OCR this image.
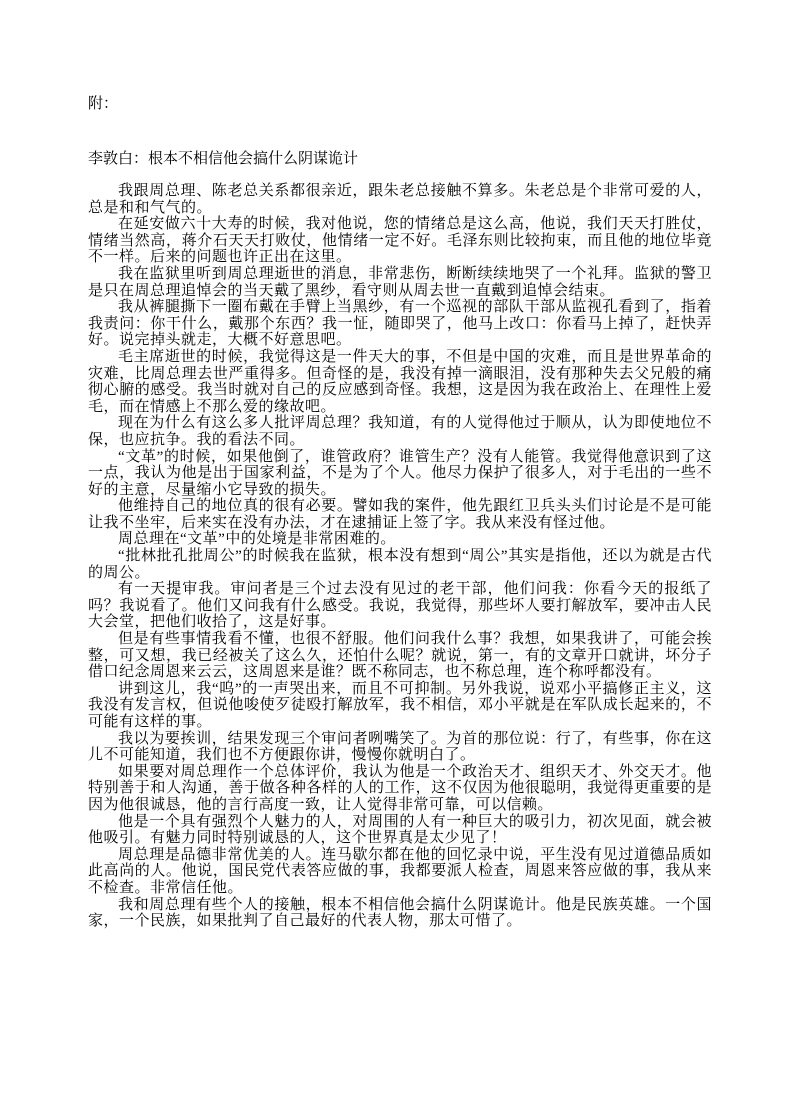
附：

李敦白：根本不相信他会搞什么阴谋诡计

我跟周总理、陈老总关系都很亲近，跟朱老总接触不算多。朱老总是个非常可爱的人，总是和和气气的。

在延安做六十大寿的时候，我对他说，您的情绪总是这么高，他说，我们天天打胜仗，情绪当然高，蒋介石天天打败仗，他情绪一定不好。毛泽东则比较拘束，而且他的地位毕竟不一样。后来的问题也许正出在这里。

我在监狱里听到周总理逝世的消息，非常悲伤，断断续续地哭了一个礼拜。监狱的警卫是只在周总理追悼会的当天戴了黑纱，看守则从周去世一直戴到追悼会结束。

我从裤腿撕下一圈布戴在手臂上当黑纱，有一个巡视的部队干部从监视孔看到了，指着我责问：你干什么，戴那个东西？我一怔，随即哭了，他马上改口：你看马上掉了，赶快弄好。说完掉头就走，大概不好意思吧。

毛主席逝世的时候，我觉得这是一件天大的事，不但是中国的灾难，而且是世界革命的灾难，比周总理去世严重得多。但奇怪的是，我没有掉一滴眼泪，没有那种失去父兄般的痛彻心腑的感受。我当时就对自己的反应感到奇怪。我想，这是因为我在政治上、在理性上爱毛，而在情感上不那么爱的缘故吧。

现在为什么有这么多人批评周总理？我知道，有的人觉得他过于顺从，认为即使地位不保，也应抗争。我的看法不同。

“文革”的时候，如果他倒了，谁管政府？谁管生产？没有人能管。我觉得他意识到了这一点，我认为他是出于国家利益，不是为了个人。他尽力保护了很多人，对于毛出的一些不好的主意，尽量缩小它导致的损失。

他维持自己的地位真的很有必要。譬如我的案件，他先跟红卫兵头头们讨论是不是可能让我不坐牢，后来实在没有办法，才在逮捕证上签了字。我从来没有怪过他。

周总理在“文革”中的处境是非常困难的。

“批林批孔批周公”的时候我在监狱，根本没有想到“周公”其实是指他，还以为就是古代的周公。

有一天提审我。审问者是三个过去没有见过的老干部，他们问我：你看今天的报纸了吗？我说看了。他们又问我有什么感受。我说，我觉得，那些坏人要打解放军，要冲击人民大会堂，把他们收拾了，这是好事。

但是有些事情我看不懂，也很不舒服。他们问我什么事？我想，如果我讲了，可能会挨整，可又想，我已经被关了这么久，还怕什么呢？就说，第一，有的文章开口就讲，坏分子借口纪念周恩来云云，这周恩来是谁？既不称同志，也不称总理，连个称呼都没有。

讲到这儿，我“呜”的一声哭出来，而且不可抑制。另外我说，说邓小平搞修正主义，这我没有发言权，但说他唆使歹徒殴打解放军，我不相信，邓小平就是在军队成长起来的，不可能有这样的事。

我以为要挨训，结果发现三个审问者咧嘴笑了。为首的那位说：行了，有些事，你在这儿不可能知道，我们也不方便跟你讲，慢慢你就明白了。

如果要对周总理作一个总体评价，我认为他是一个政治天才、组织天才、外交天才。他特别善于和人沟通，善于做各种各样的人的工作，这不仅因为他很聪明，我觉得更重要的是因为他很诚恳，他的言行高度一致，让人觉得非常可靠，可以信赖。

他是一个具有强烈个人魅力的人，对周围的人有一种巨大的吸引力，初次见面，就会被他吸引。有魅力同时特别诚恳的人，这个世界真是太少见了！

周总理是品德非常优美的人。连马歇尔都在他的回忆录中说，平生没有见过道德品质如此高尚的人。他说，国民党代表答应做的事，我都要派人检查，周恩来答应做的事，我从来不检查。非常信任他。

我和周总理有些个人的接触，根本不相信他会搞什么阴谋诡计。他是民族英雄。一个国家，一个民族，如果批判了自己最好的代表人物，那太可惜了。
